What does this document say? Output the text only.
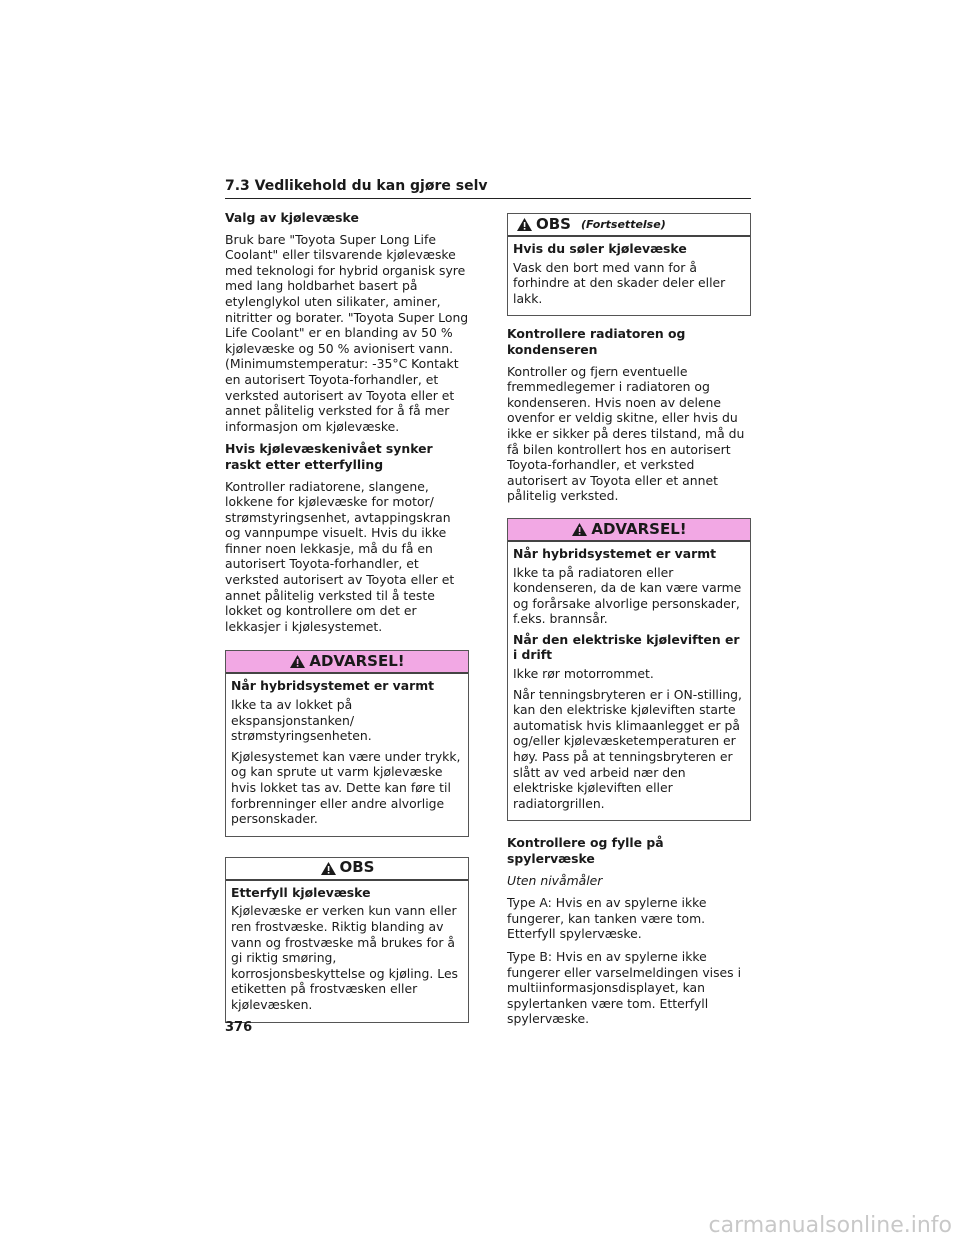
7.3 Vedlikehold du kan gjøre selv
Valg av kjølevæske
Bruk bare "Toyota Super Long Life Coolant" eller tilsvarende kjølevæske med teknologi for hybrid organisk syre med lang holdbarhet basert på etylenglykol uten silikater, aminer, nitritter og borater. "Toyota Super Long Life Coolant" er en blanding av 50 % kjølevæske og 50 % avionisert vann. (Minimumstemperatur: -35°C Kontakt en autorisert Toyota-forhandler, et verksted autorisert av Toyota eller et annet pålitelig verksted for å få mer informasjon om kjølevæske.
Hvis kjølevæskenivået synker raskt etter etterfylling
Kontroller radiatorene, slangene, lokkene for kjølevæske for motor/ strømstyringsenhet, avtappingskran og vannpumpe visuelt. Hvis du ikke finner noen lekkasje, må du få en autorisert Toyota-forhandler, et verksted autorisert av Toyota eller et annet pålitelig verksted til å teste lokket og kontrollere om det er lekkasjer i kjølesystemet.
ADVARSEL!
Når hybridsystemet er varmt
Ikke ta av lokket på ekspansjonstanken/ strømstyringsenheten.
Kjølesystemet kan være under trykk, og kan sprute ut varm kjølevæske hvis lokket tas av. Dette kan føre til forbrenninger eller andre alvorlige personskader.
OBS
Etterfyll kjølevæske
Kjølevæske er verken kun vann eller ren frostvæske. Riktig blanding av vann og frostvæske må brukes for å gi riktig smøring, korrosjonsbeskyttelse og kjøling. Les etiketten på frostvæsken eller kjølevæsken.
OBS (Fortsettelse)
Hvis du søler kjølevæske
Vask den bort med vann for å forhindre at den skader deler eller lakk.
Kontrollere radiatoren og kondenseren
Kontroller og fjern eventuelle fremmedlegemer i radiatoren og kondenseren. Hvis noen av delene ovenfor er veldig skitne, eller hvis du ikke er sikker på deres tilstand, må du få bilen kontrollert hos en autorisert Toyota-forhandler, et verksted autorisert av Toyota eller et annet pålitelig verksted.
ADVARSEL!
Når hybridsystemet er varmt
Ikke ta på radiatoren eller kondenseren, da de kan være varme og forårsake alvorlige personskader, f.eks. brannsår.
Når den elektriske kjøleviften er i drift
Ikke rør motorrommet.
Når tenningsbryteren er i ON-stilling, kan den elektriske kjøleviften starte automatisk hvis klimaanlegget er på og/eller kjølevæsketemperaturen er høy. Pass på at tenningsbryteren er slått av ved arbeid nær den elektriske kjøleviften eller radiatorgrillen.
Kontrollere og fylle på spylervæske
Uten nivåmåler
Type A: Hvis en av spylerne ikke fungerer, kan tanken være tom. Etterfyll spylervæske.
Type B: Hvis en av spylerne ikke fungerer eller varselmeldingen vises i multiinformasjonsdisplayet, kan spylertanken være tom. Etterfyll spylervæske.
376
carmanualsonline.info
